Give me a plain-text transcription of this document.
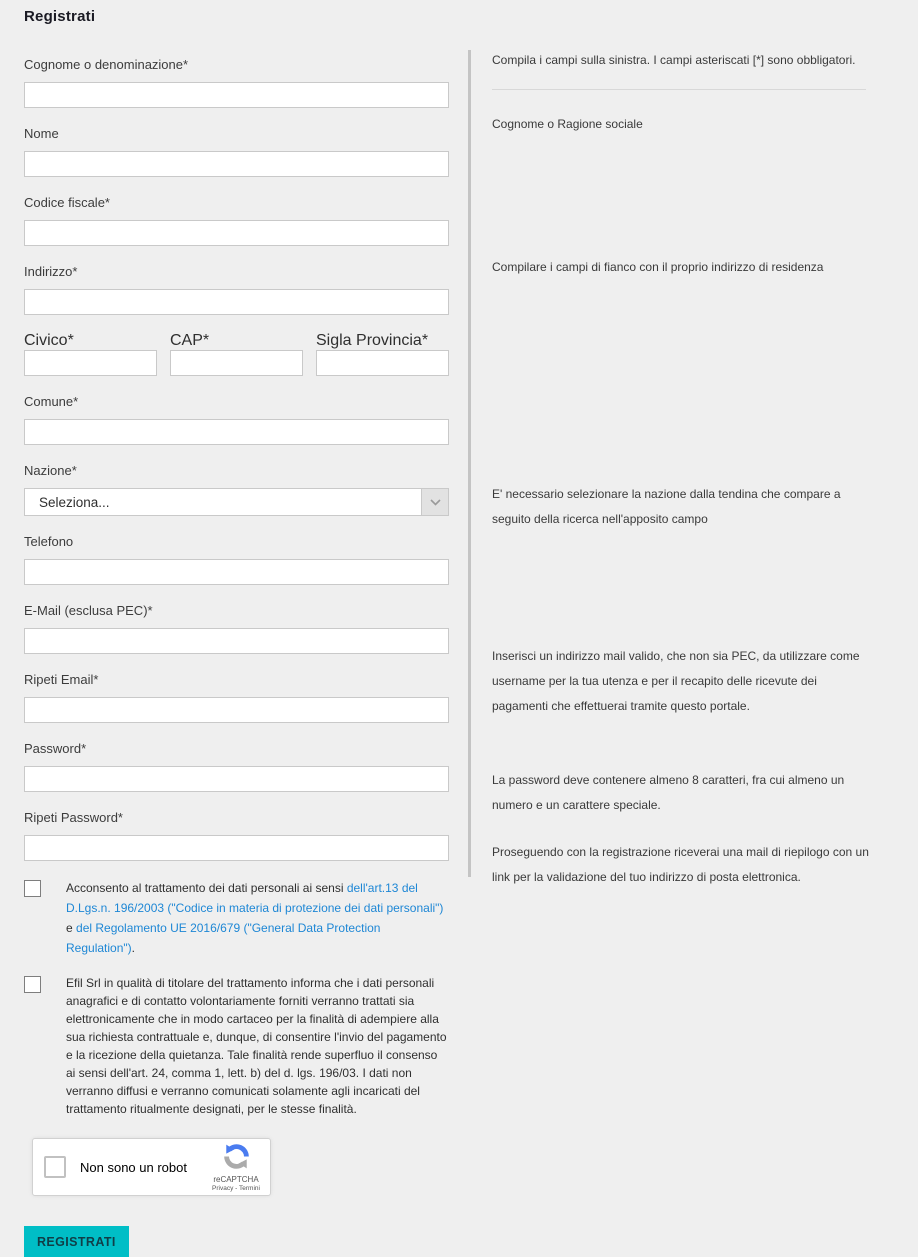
Registrati
Cognome o denominazione*
Nome
Codice fiscale*
Indirizzo*
Civico*	CAP*	Sigla Provincia*
Comune*
Nazione*
Seleziona...
Telefono
E-Mail (esclusa PEC)*
Ripeti Email*
Password*
Ripeti Password*
Acconsento al trattamento dei dati personali ai sensi dell'art.13 del D.Lgs.n. 196/2003 ("Codice in materia di protezione dei dati personali") e del Regolamento UE 2016/679 ("General Data Protection Regulation").
Efil Srl in qualità di titolare del trattamento informa che i dati personali anagrafici e di contatto volontariamente forniti verranno trattati sia elettronicamente che in modo cartaceo per la finalità di adempiere alla sua richiesta contrattuale e, dunque, di consentire l'invio del pagamento e la ricezione della quietanza. Tale finalità rende superfluo il consenso ai sensi dell'art. 24, comma 1, lett. b) del d. lgs. 196/03. I dati non verranno diffusi e verranno comunicati solamente agli incaricati del trattamento ritualmente designati, per le stesse finalità.
Non sono un robot
reCAPTCHA
Privacy - Termini
REGISTRATI
Compila i campi sulla sinistra. I campi asteriscati [*] sono obbligatori.
Cognome o Ragione sociale
Compilare i campi di fianco con il proprio indirizzo di residenza
E' necessario selezionare la nazione dalla tendina che compare a seguito della ricerca nell'apposito campo
Inserisci un indirizzo mail valido, che non sia PEC, da utilizzare come username per la tua utenza e per il recapito delle ricevute dei pagamenti che effettuerai tramite questo portale.
La password deve contenere almeno 8 caratteri, fra cui almeno un numero e un carattere speciale.
Proseguendo con la registrazione riceverai una mail di riepilogo con un link per la validazione del tuo indirizzo di posta elettronica.
